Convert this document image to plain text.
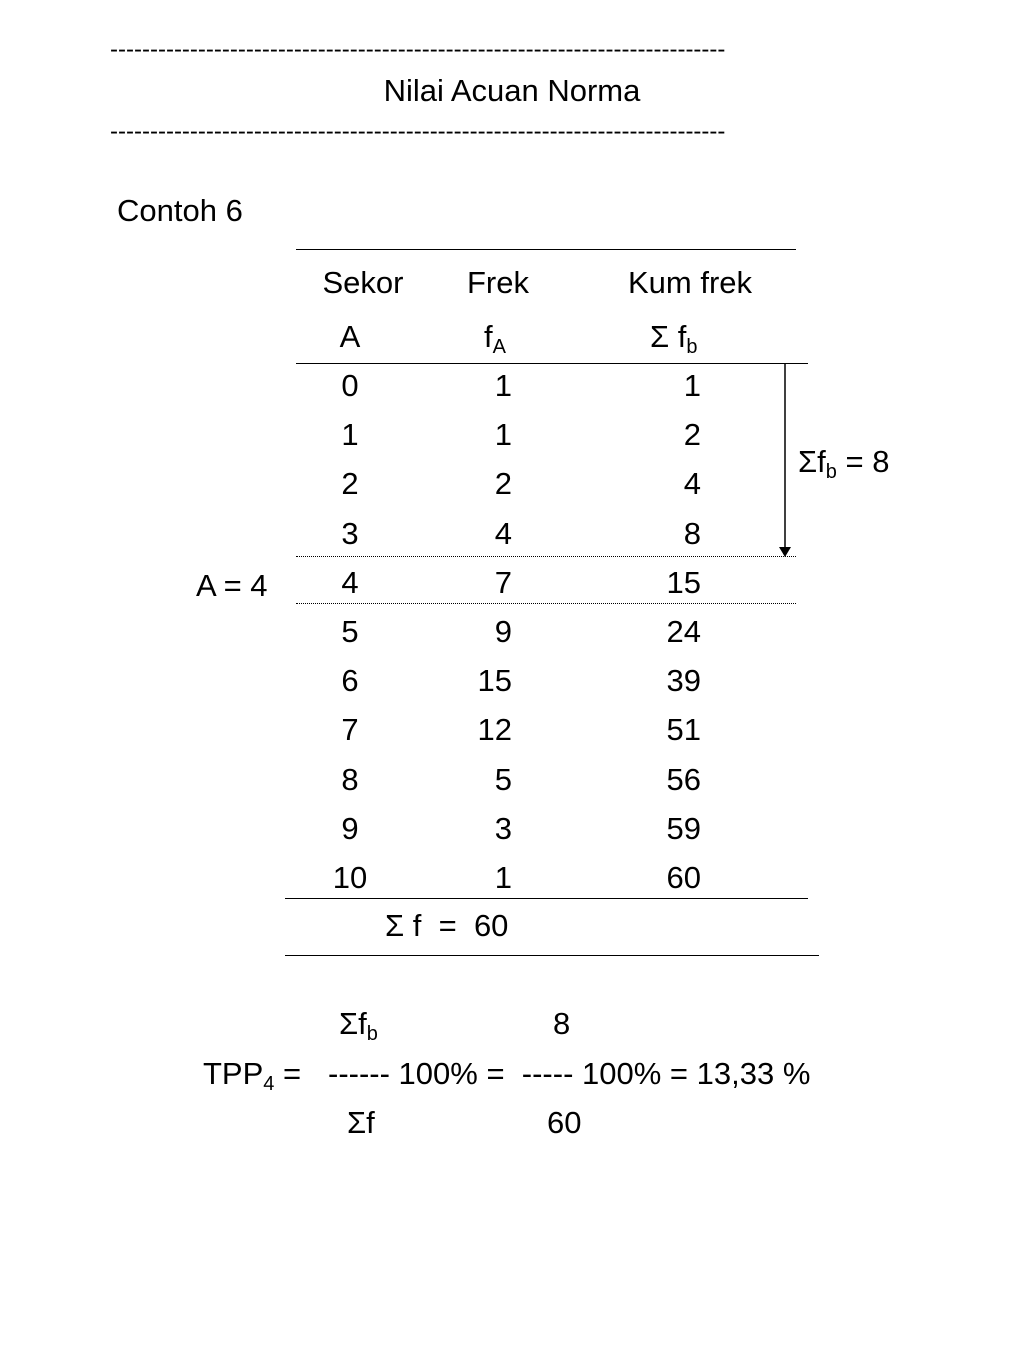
-----------------------------------------------------------------------------
Nilai Acuan Norma
-----------------------------------------------------------------------------
Contoh 6
Sekor	Frek	Kum frek
A	$f_A$	Σ $f_b$
0	1	1
1	1	2
2	2	4
3	4	8
4	7	15
5	9	24
6	15	39
7	12	51
8	5	56
9	3	59
10	1	60
A = 4
$\Sigma f_b = 8$
Σ f  =  60
$\Sigma f_b$	8
$TPP_4$ = ------ 100% =  ----- 100% = 13,33 %
Σf	60
